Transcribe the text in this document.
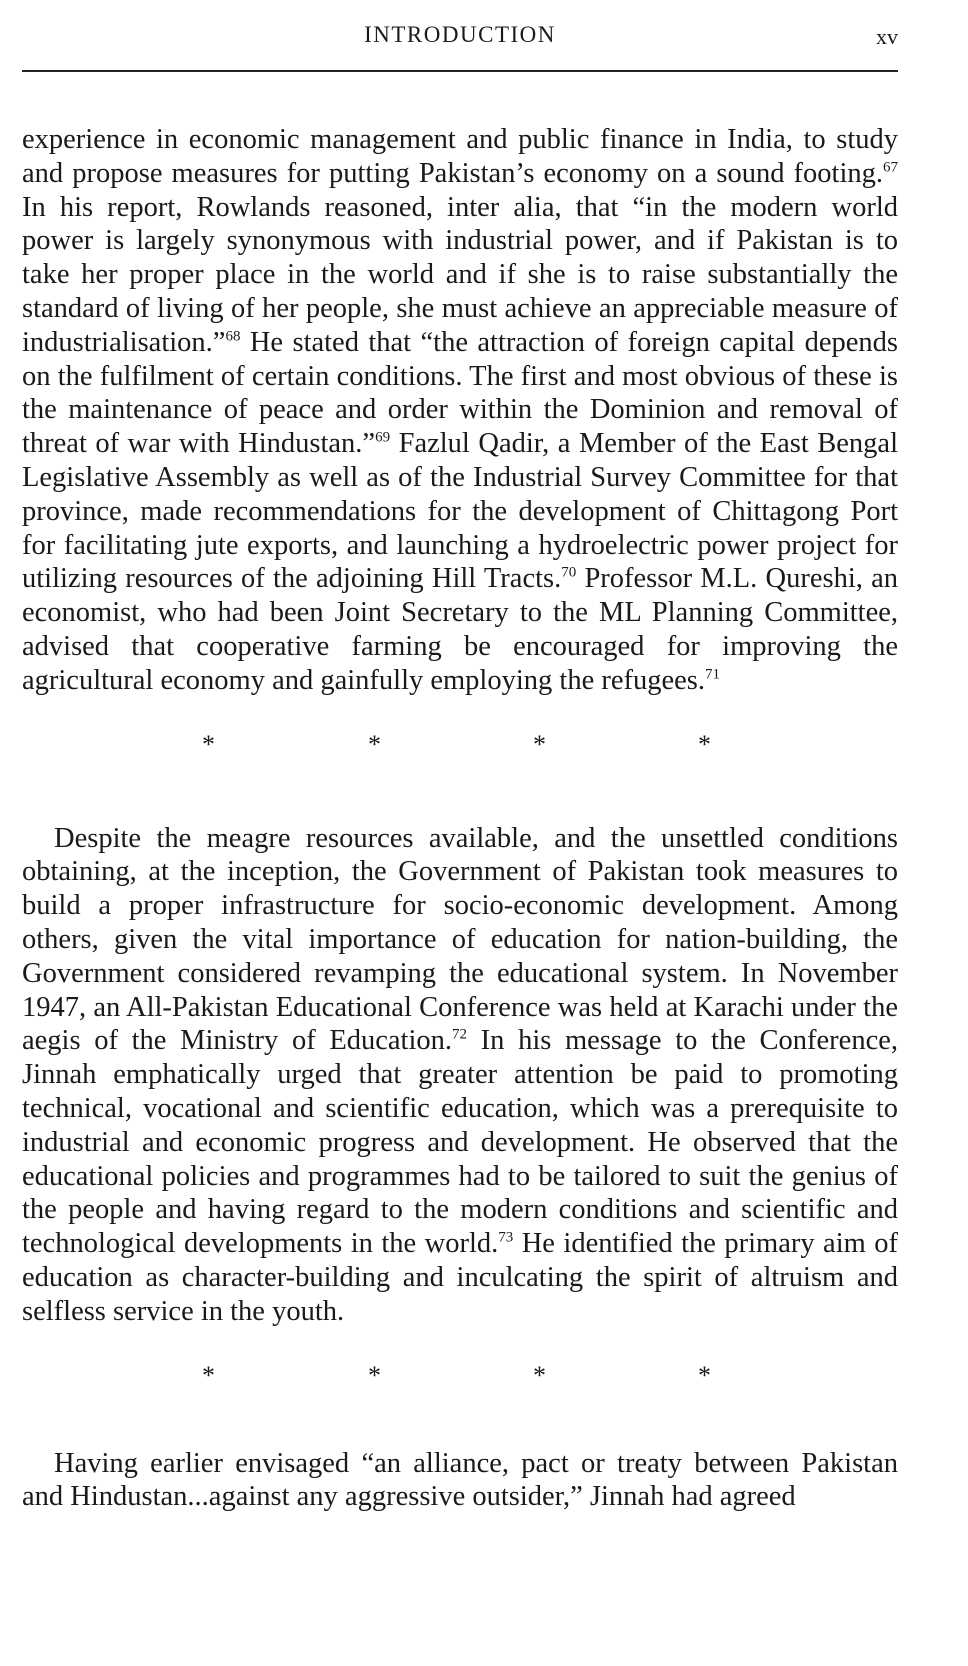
INTRODUCTION	xv

experience in economic management and public finance in India, to study and propose measures for putting Pakistan’s economy on a sound footing.$^{67}$ In his report, Rowlands reasoned, inter alia, that “in the modern world power is largely synonymous with industrial power, and if Pakistan is to take her proper place in the world and if she is to raise substantially the standard of living of her people, she must achieve an appreciable measure of industrialisation.”$^{68}$ He stated that “the attraction of foreign capital depends on the fulfilment of certain conditions. The first and most obvious of these is the maintenance of peace and order within the Dominion and removal of threat of war with Hindustan.”$^{69}$ Fazlul Qadir, a Member of the East Bengal Legislative Assembly as well as of the Industrial Survey Committee for that province, made recommendations for the development of Chittagong Port for facilitating jute exports, and launching a hydroelectric power project for utilizing resources of the adjoining Hill Tracts.$^{70}$ Professor M.L. Qureshi, an economist, who had been Joint Secretary to the ML Planning Committee, advised that cooperative farming be encouraged for improving the agricultural economy and gainfully employing the refugees.$^{71}$

*	*	*	*

Despite the meagre resources available, and the unsettled conditions obtaining, at the inception, the Government of Pakistan took measures to build a proper infrastructure for socio-economic development. Among others, given the vital importance of education for nation-building, the Government considered revamping the educational system. In November 1947, an All-Pakistan Educational Conference was held at Karachi under the aegis of the Ministry of Education.$^{72}$ In his message to the Conference, Jinnah emphatically urged that greater attention be paid to promoting technical, vocational and scientific education, which was a prerequisite to industrial and economic progress and development. He observed that the educational policies and programmes had to be tailored to suit the genius of the people and having regard to the modern conditions and scientific and technological developments in the world.$^{73}$ He identified the primary aim of education as character-building and inculcating the spirit of altruism and selfless service in the youth.

*	*	*	*

Having earlier envisaged “an alliance, pact or treaty between Pakistan and Hindustan...against any aggressive outsider,” Jinnah had agreed
